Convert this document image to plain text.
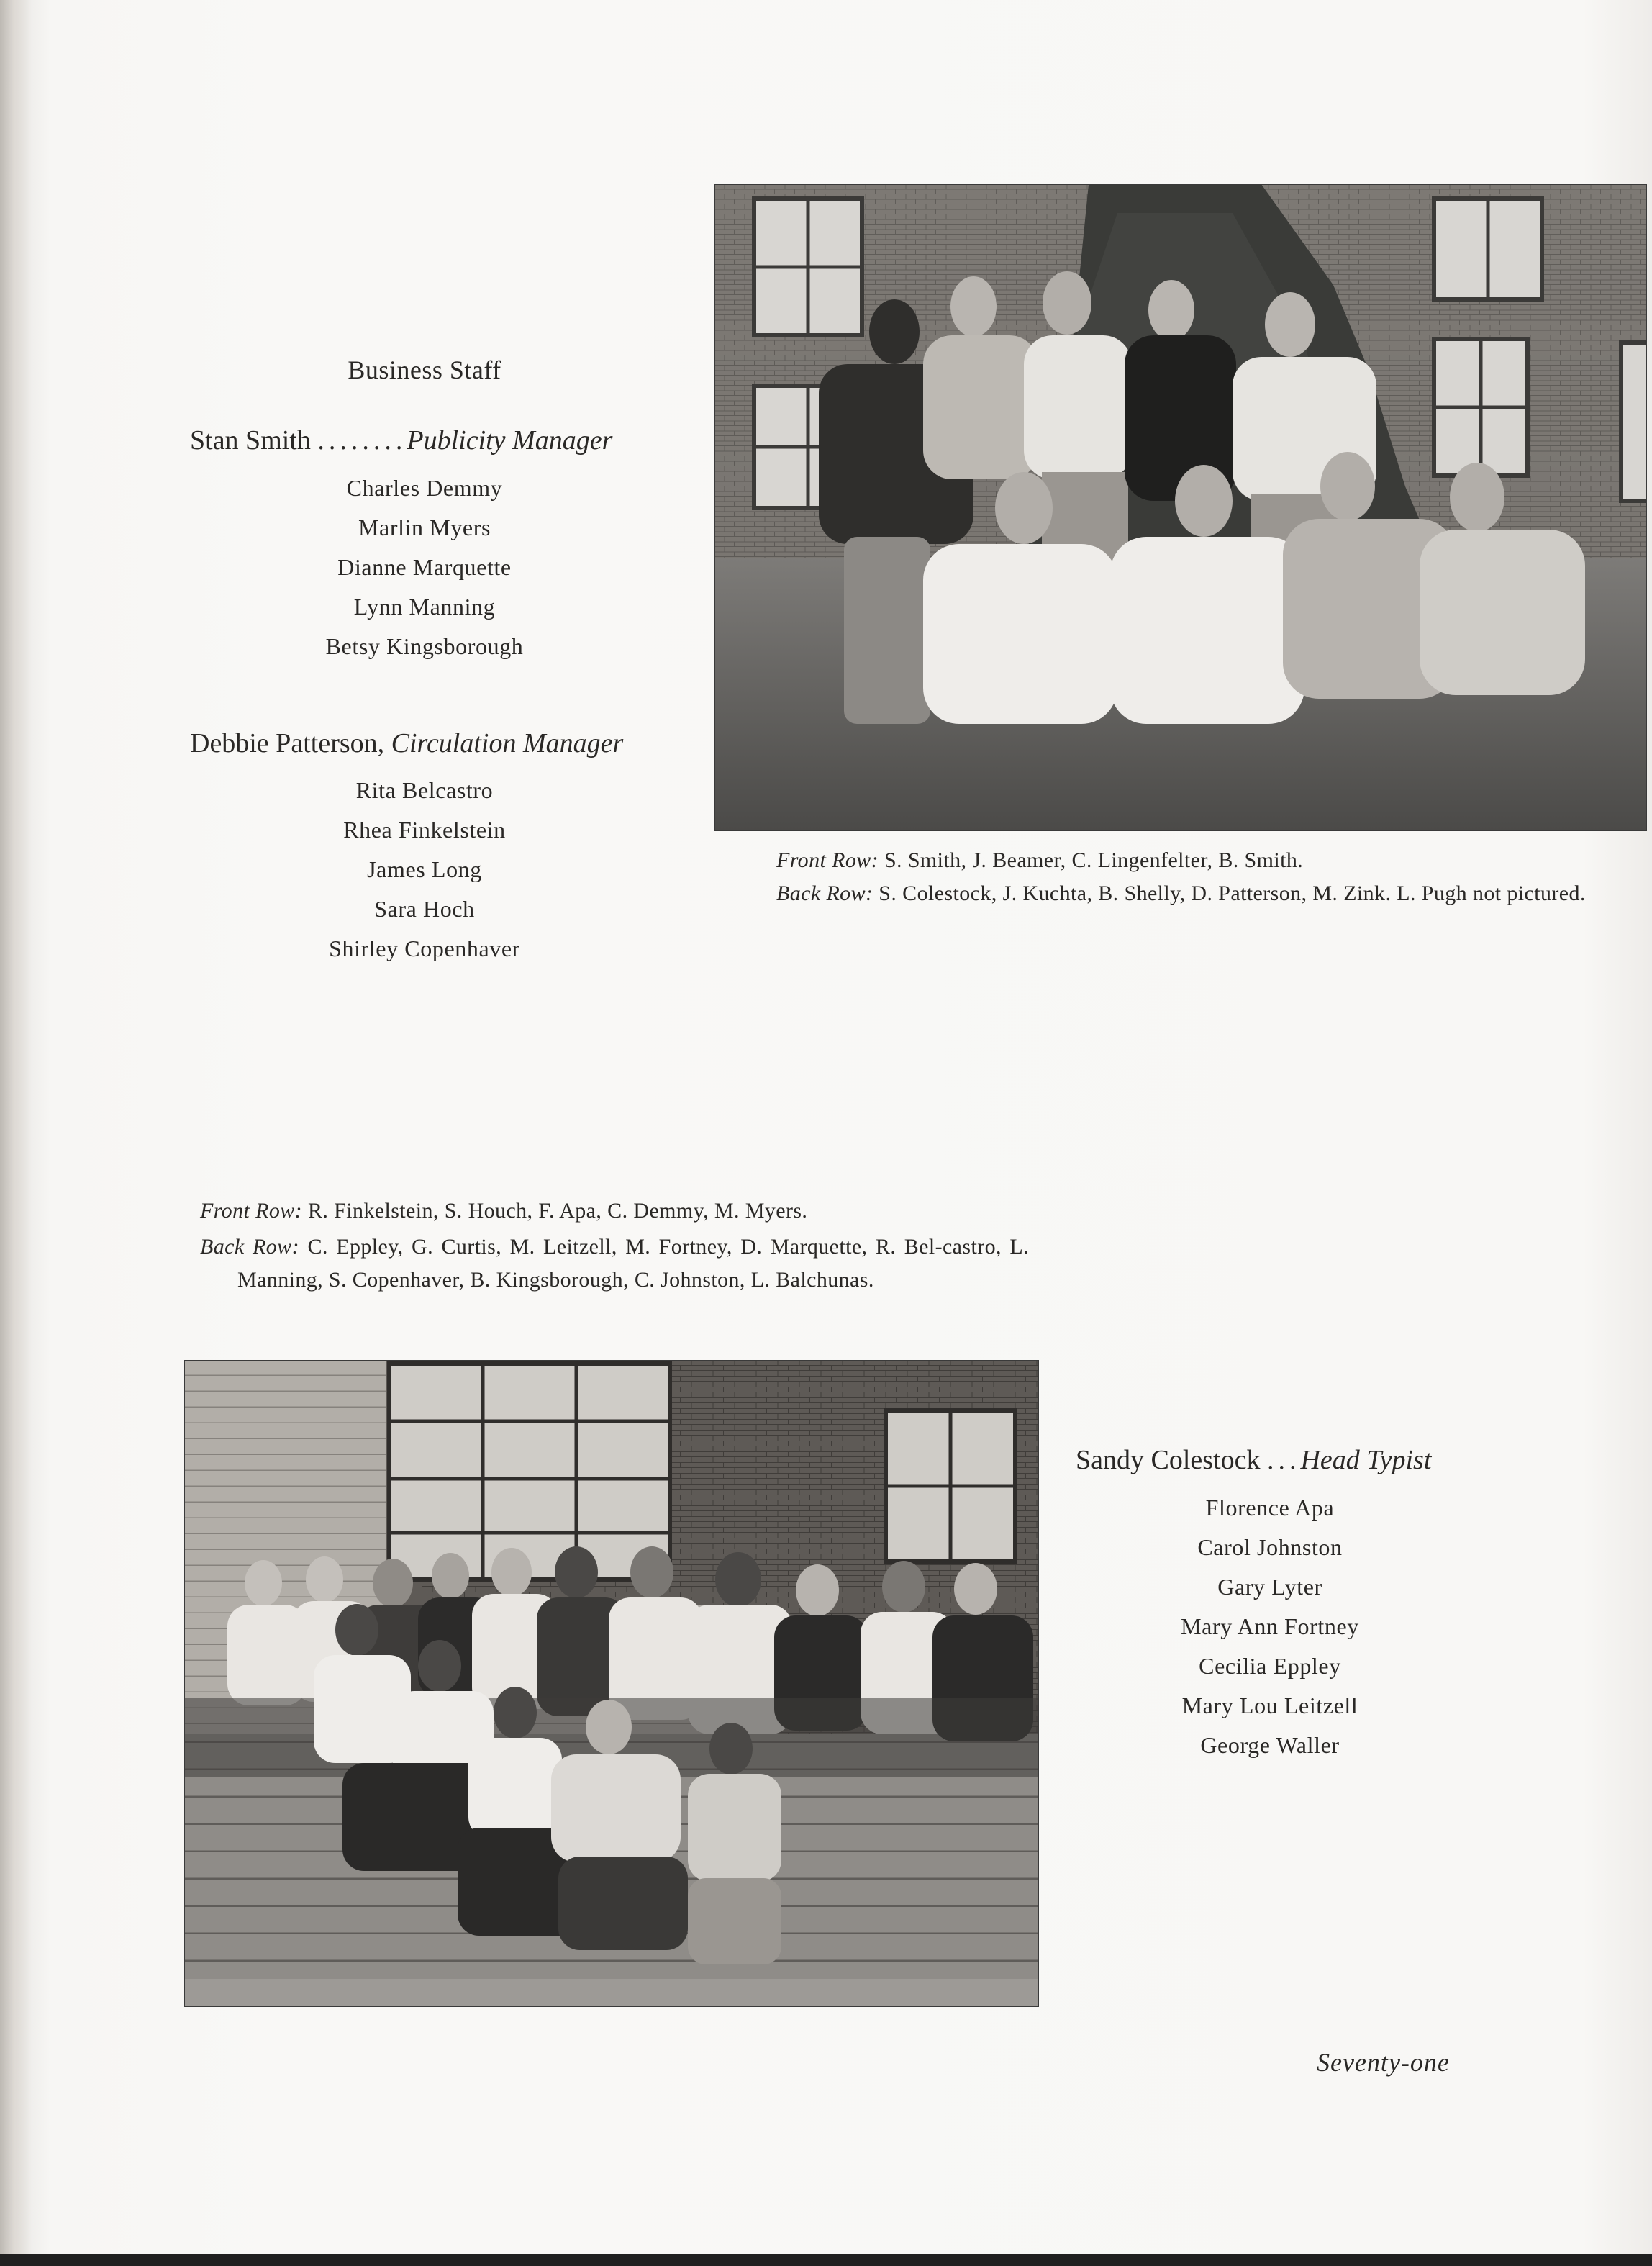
Business Staff
Stan Smith ........Publicity Manager
Charles Demmy
Marlin Myers
Dianne Marquette
Lynn Manning
Betsy Kingsborough
Debbie Patterson, Circulation Manager
Rita Belcastro
Rhea Finkelstein
James Long
Sara Hoch
Shirley Copenhaver

Front Row: S. Smith, J. Beamer, C. Lingenfelter, B. Smith.

Back Row: S. Colestock, J. Kuchta, B. Shelly, D. Patterson, M. Zink. L. Pugh not pictured.

Front Row: R. Finkelstein, S. Houch, F. Apa, C. Demmy, M. Myers.

Back Row: C. Eppley, G. Curtis, M. Leitzell, M. Fortney, D. Marquette, R. Bel-castro, L. Manning, S. Copenhaver, B. Kingsborough, C. Johnston, L. Balchunas.

Sandy Colestock ...Head Typist
Florence Apa
Carol Johnston
Gary Lyter
Mary Ann Fortney
Cecilia Eppley
Mary Lou Leitzell
George Waller
Seventy-one
